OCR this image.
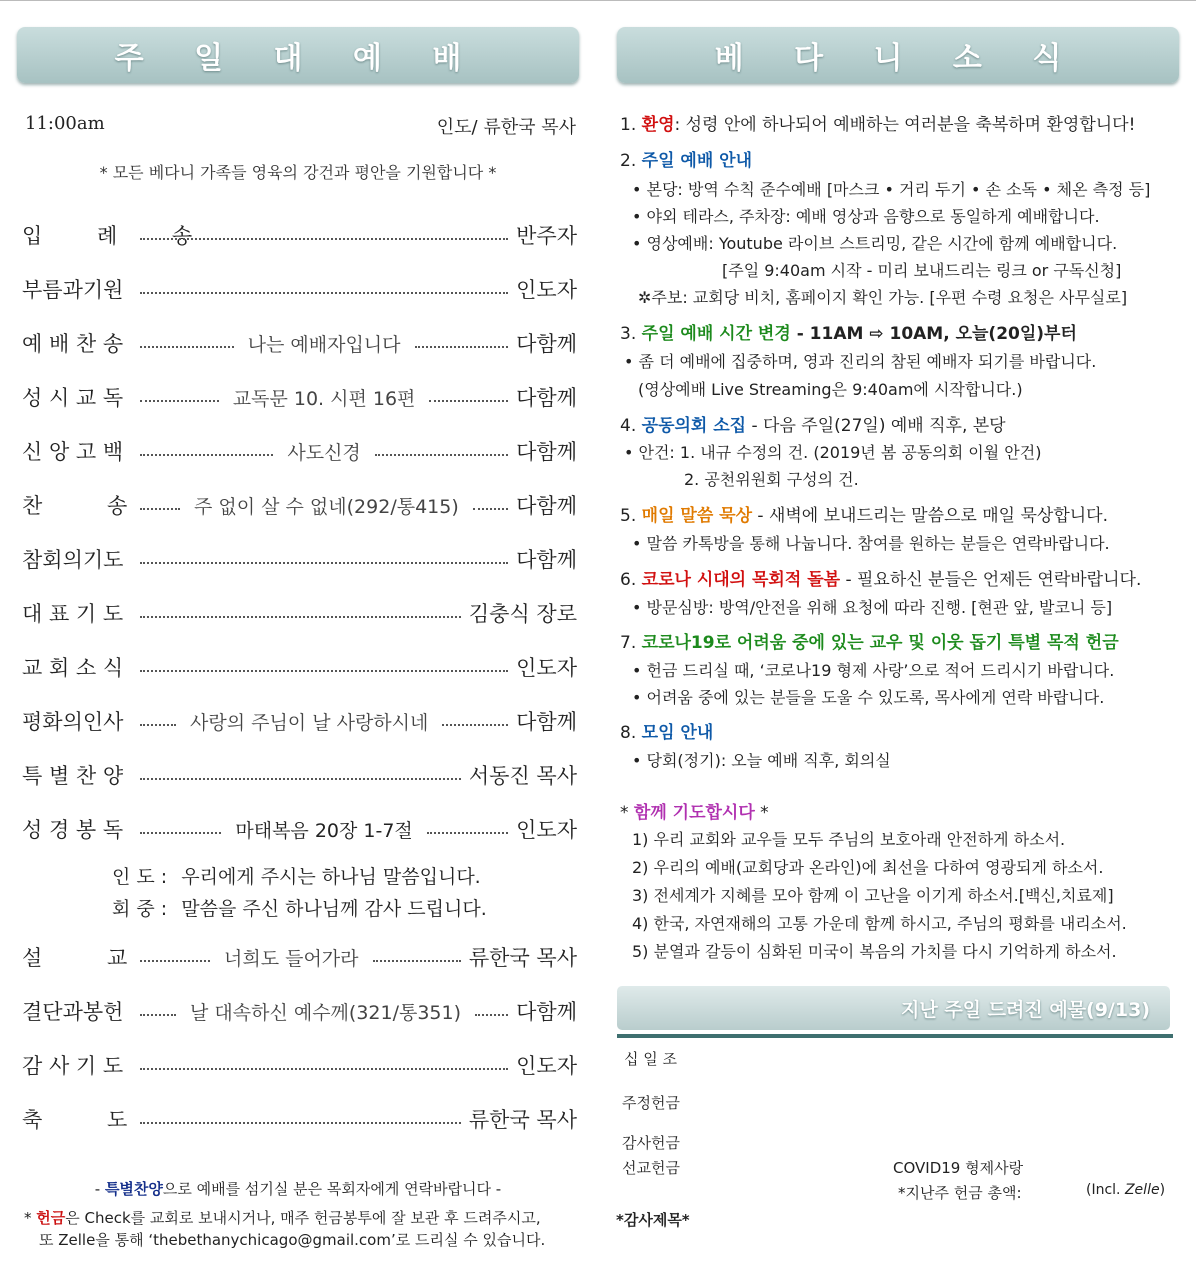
주 일 대 예 배
11:00am	인도/ 류한국 목사
* 모든 베다니 가족들 영육의 강건과 평안을 기원합니다 *
입 례 송	반주자
부름과기원	인도자
예 배 찬 송	나는 예배자입니다	다함께
성 시 교 독	교독문 10. 시편 16편	다함께
신 앙 고 백	사도신경	다함께
찬 송	주 없이 살 수 없네(292/통415)	다함께
참회의기도	다함께
대 표 기 도	김충식 장로
교 회 소 식	인도자
평화의인사	사랑의 주님이 날 사랑하시네	다함께
특 별 찬 양	서동진 목사
성 경 봉 독	마태복음 20장 1-7절	인도자
인 도 : 우리에게 주시는 하나님 말씀입니다.
회 중 : 말씀을 주신 하나님께 감사 드립니다.
설 교	너희도 들어가라	류한국 목사
결단과봉헌	날 대속하신 예수께(321/통351)	다함께
감 사 기 도	인도자
축 도	류한국 목사
- 특별찬양으로 예배를 섬기실 분은 목회자에게 연락바랍니다 -
* 헌금은 Check를 교회로 보내시거나, 매주 헌금봉투에 잘 보관 후 드려주시고,
또 Zelle을 통해 ‘thebethanychicago@gmail.com’로 드리실 수 있습니다.
베 다 니 소 식
1. 환영: 성령 안에 하나되어 예배하는 여러분을 축복하며 환영합니다!
2. 주일 예배 안내
• 본당: 방역 수칙 준수예배 [마스크 • 거리 두기 • 손 소독 • 체온 측정 등]
• 야외 테라스, 주차장: 예배 영상과 음향으로 동일하게 예배합니다.
• 영상예배: Youtube 라이브 스트리밍, 같은 시간에 함께 예배합니다.
[주일 9:40am 시작 - 미리 보내드리는 링크 or 구독신청]
✲주보: 교회당 비치, 홈페이지 확인 가능. [우편 수령 요청은 사무실로]
3. 주일 예배 시간 변경 - 11AM ⇨ 10AM, 오늘(20일)부터
• 좀 더 예배에 집중하며, 영과 진리의 참된 예배자 되기를 바랍니다.
(영상예배 Live Streaming은 9:40am에 시작합니다.)
4. 공동의회 소집 - 다음 주일(27일) 예배 직후, 본당
• 안건: 1. 내규 수정의 건. (2019년 봄 공동의회 이월 안건)
2. 공천위원회 구성의 건.
5. 매일 말씀 묵상 - 새벽에 보내드리는 말씀으로 매일 묵상합니다.
• 말씀 카톡방을 통해 나눕니다. 참여를 원하는 분들은 연락바랍니다.
6. 코로나 시대의 목회적 돌봄 - 필요하신 분들은 언제든 연락바랍니다.
• 방문심방: 방역/안전을 위해 요청에 따라 진행. [현관 앞, 발코니 등]
7. 코로나19로 어려움 중에 있는 교우 및 이웃 돕기 특별 목적 헌금
• 헌금 드리실 때, ‘코로나19 형제 사랑’으로 적어 드리시기 바랍니다.
• 어려움 중에 있는 분들을 도울 수 있도록, 목사에게 연락 바랍니다.
8. 모임 안내
• 당회(정기): 오늘 예배 직후, 회의실
* 함께 기도합시다 *
1) 우리 교회와 교우들 모두 주님의 보호아래 안전하게 하소서.
2) 우리의 예배(교회당과 온라인)에 최선을 다하여 영광되게 하소서.
3) 전세계가 지혜를 모아 함께 이 고난을 이기게 하소서.[백신,치료제]
4) 한국, 자연재해의 고통 가운데 함께 하시고, 주님의 평화를 내리소서.
5) 분열과 갈등이 심화된 미국이 복음의 가치를 다시 기억하게 하소서.
지난 주일 드려진 예물(9/13)
십 일 조
주정헌금
감사헌금
선교헌금	COVID19 형제사랑
*지난주 헌금 총액:	(Incl. Zelle)
*감사제목*
